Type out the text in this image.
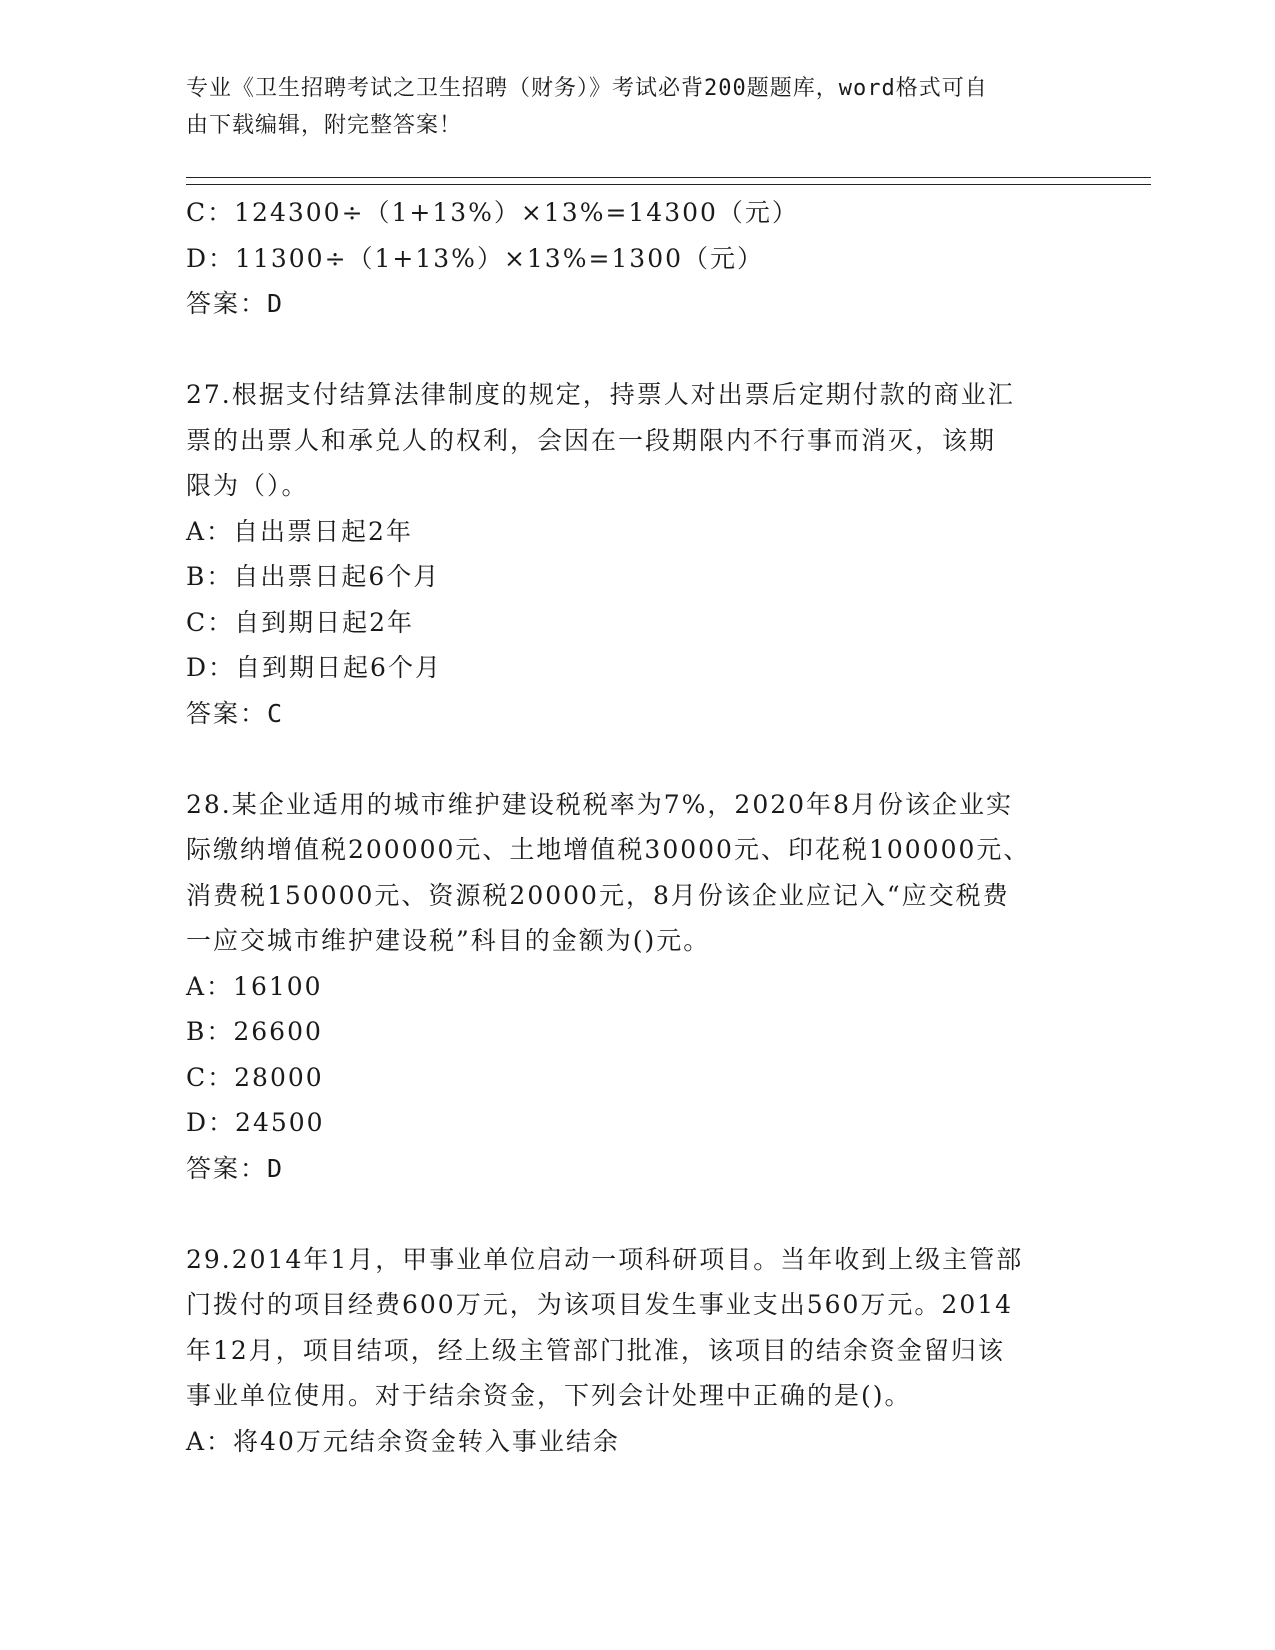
专业《卫生招聘考试之卫生招聘（财务）》考试必背200题题库，word格式可自
由下载编辑，附完整答案！
C：124300÷（1+13%）×13%=14300（元）
D：11300÷（1+13%）×13%=1300（元）
答案：D
27.根据支付结算法律制度的规定，持票人对出票后定期付款的商业汇
票的出票人和承兑人的权利，会因在一段期限内不行事而消灭，该期
限为（）。
A：自出票日起2年
B：自出票日起6个月
C：自到期日起2年
D：自到期日起6个月
答案：C
28.某企业适用的城市维护建设税税率为7%，2020年8月份该企业实
际缴纳增值税200000元、土地增值税30000元、印花税100000元、
消费税150000元、资源税20000元，8月份该企业应记入“应交税费
一应交城市维护建设税”科目的金额为()元。
A：16100
B：26600
C：28000
D：24500
答案：D
29.2014年1月，甲事业单位启动一项科研项目。当年收到上级主管部
门拨付的项目经费600万元，为该项目发生事业支出560万元。2014
年12月，项目结项，经上级主管部门批准，该项目的结余资金留归该
事业单位使用。对于结余资金，下列会计处理中正确的是()。
A：将40万元结余资金转入事业结余
